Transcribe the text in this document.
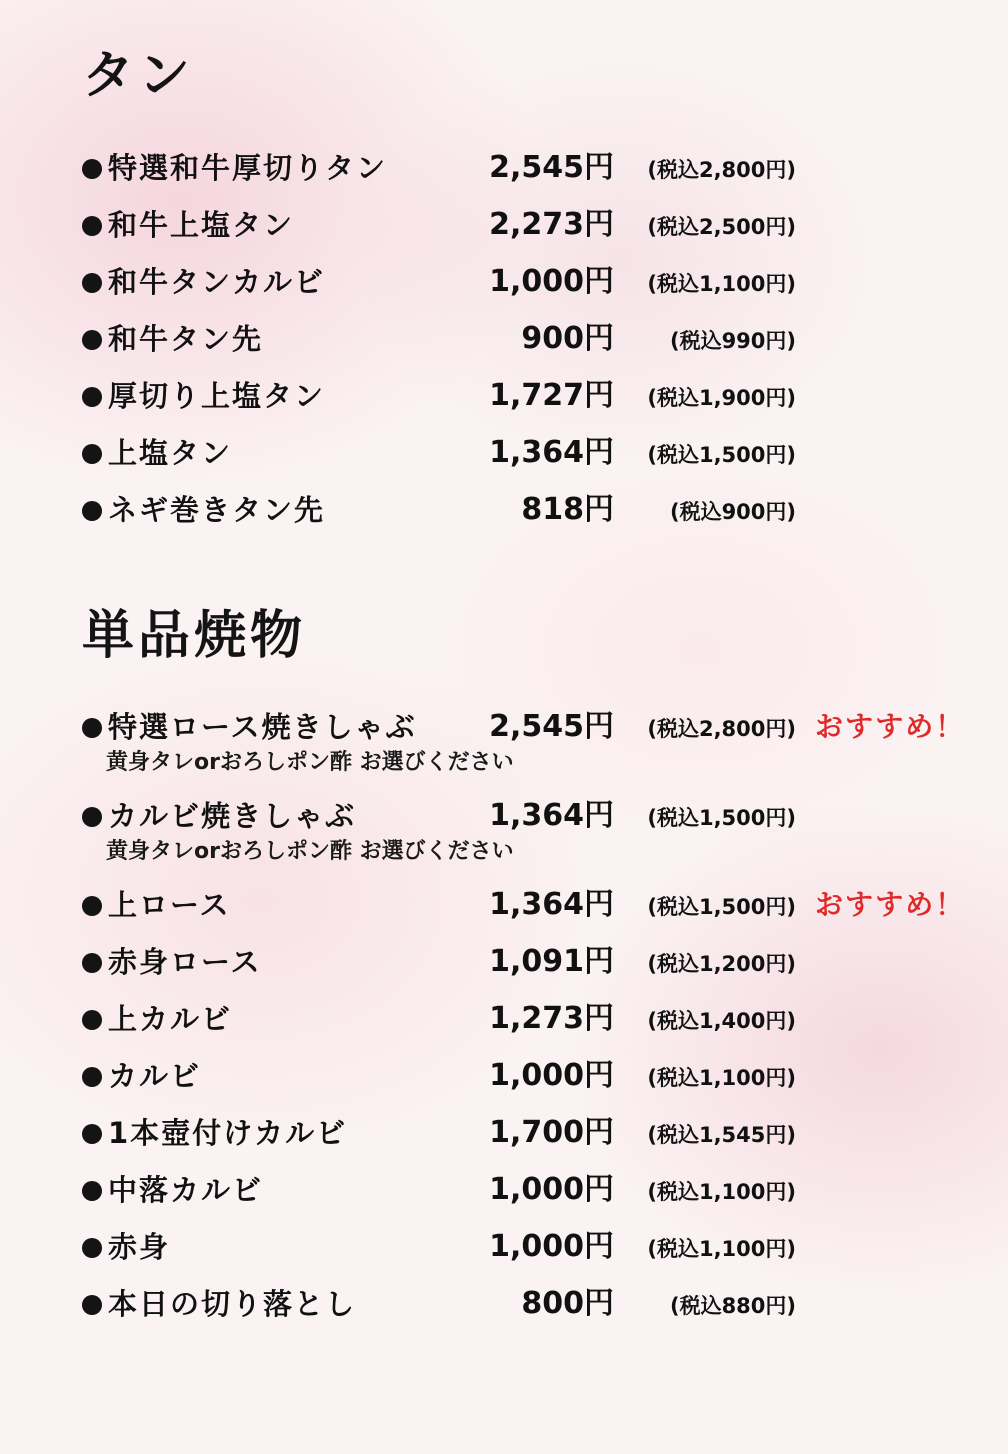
タン
特選和牛厚切りタン	2,545円 (税込2,800円)
和牛上塩タン	2,273円 (税込2,500円)
和牛タンカルビ	1,000円 (税込1,100円)
和牛タン先	900円	(税込990円)
厚切り上塩タン	1,727円 (税込1,900円)
上塩タン	1,364円 (税込1,500円)
ネギ巻きタン先	818円	(税込900円)
単品焼物
特選ロース焼きしゃぶ 2,545円 (税込2,800円) おすすめ！
黄身タレorおろしポン酢 お選びください
カルビ焼きしゃぶ	1,364円 (税込1,500円)
黄身タレorおろしポン酢 お選びください
上ロース	1,364円 (税込1,500円) おすすめ！
赤身ロース	1,091円 (税込1,200円)
上カルビ	1,273円 (税込1,400円)
カルビ	1,000円 (税込1,100円)
1本壺付けカルビ	1,700円 (税込1,545円)
中落カルビ	1,000円 (税込1,100円)
赤身	1,000円 (税込1,100円)
本日の切り落とし	800円	(税込880円)
